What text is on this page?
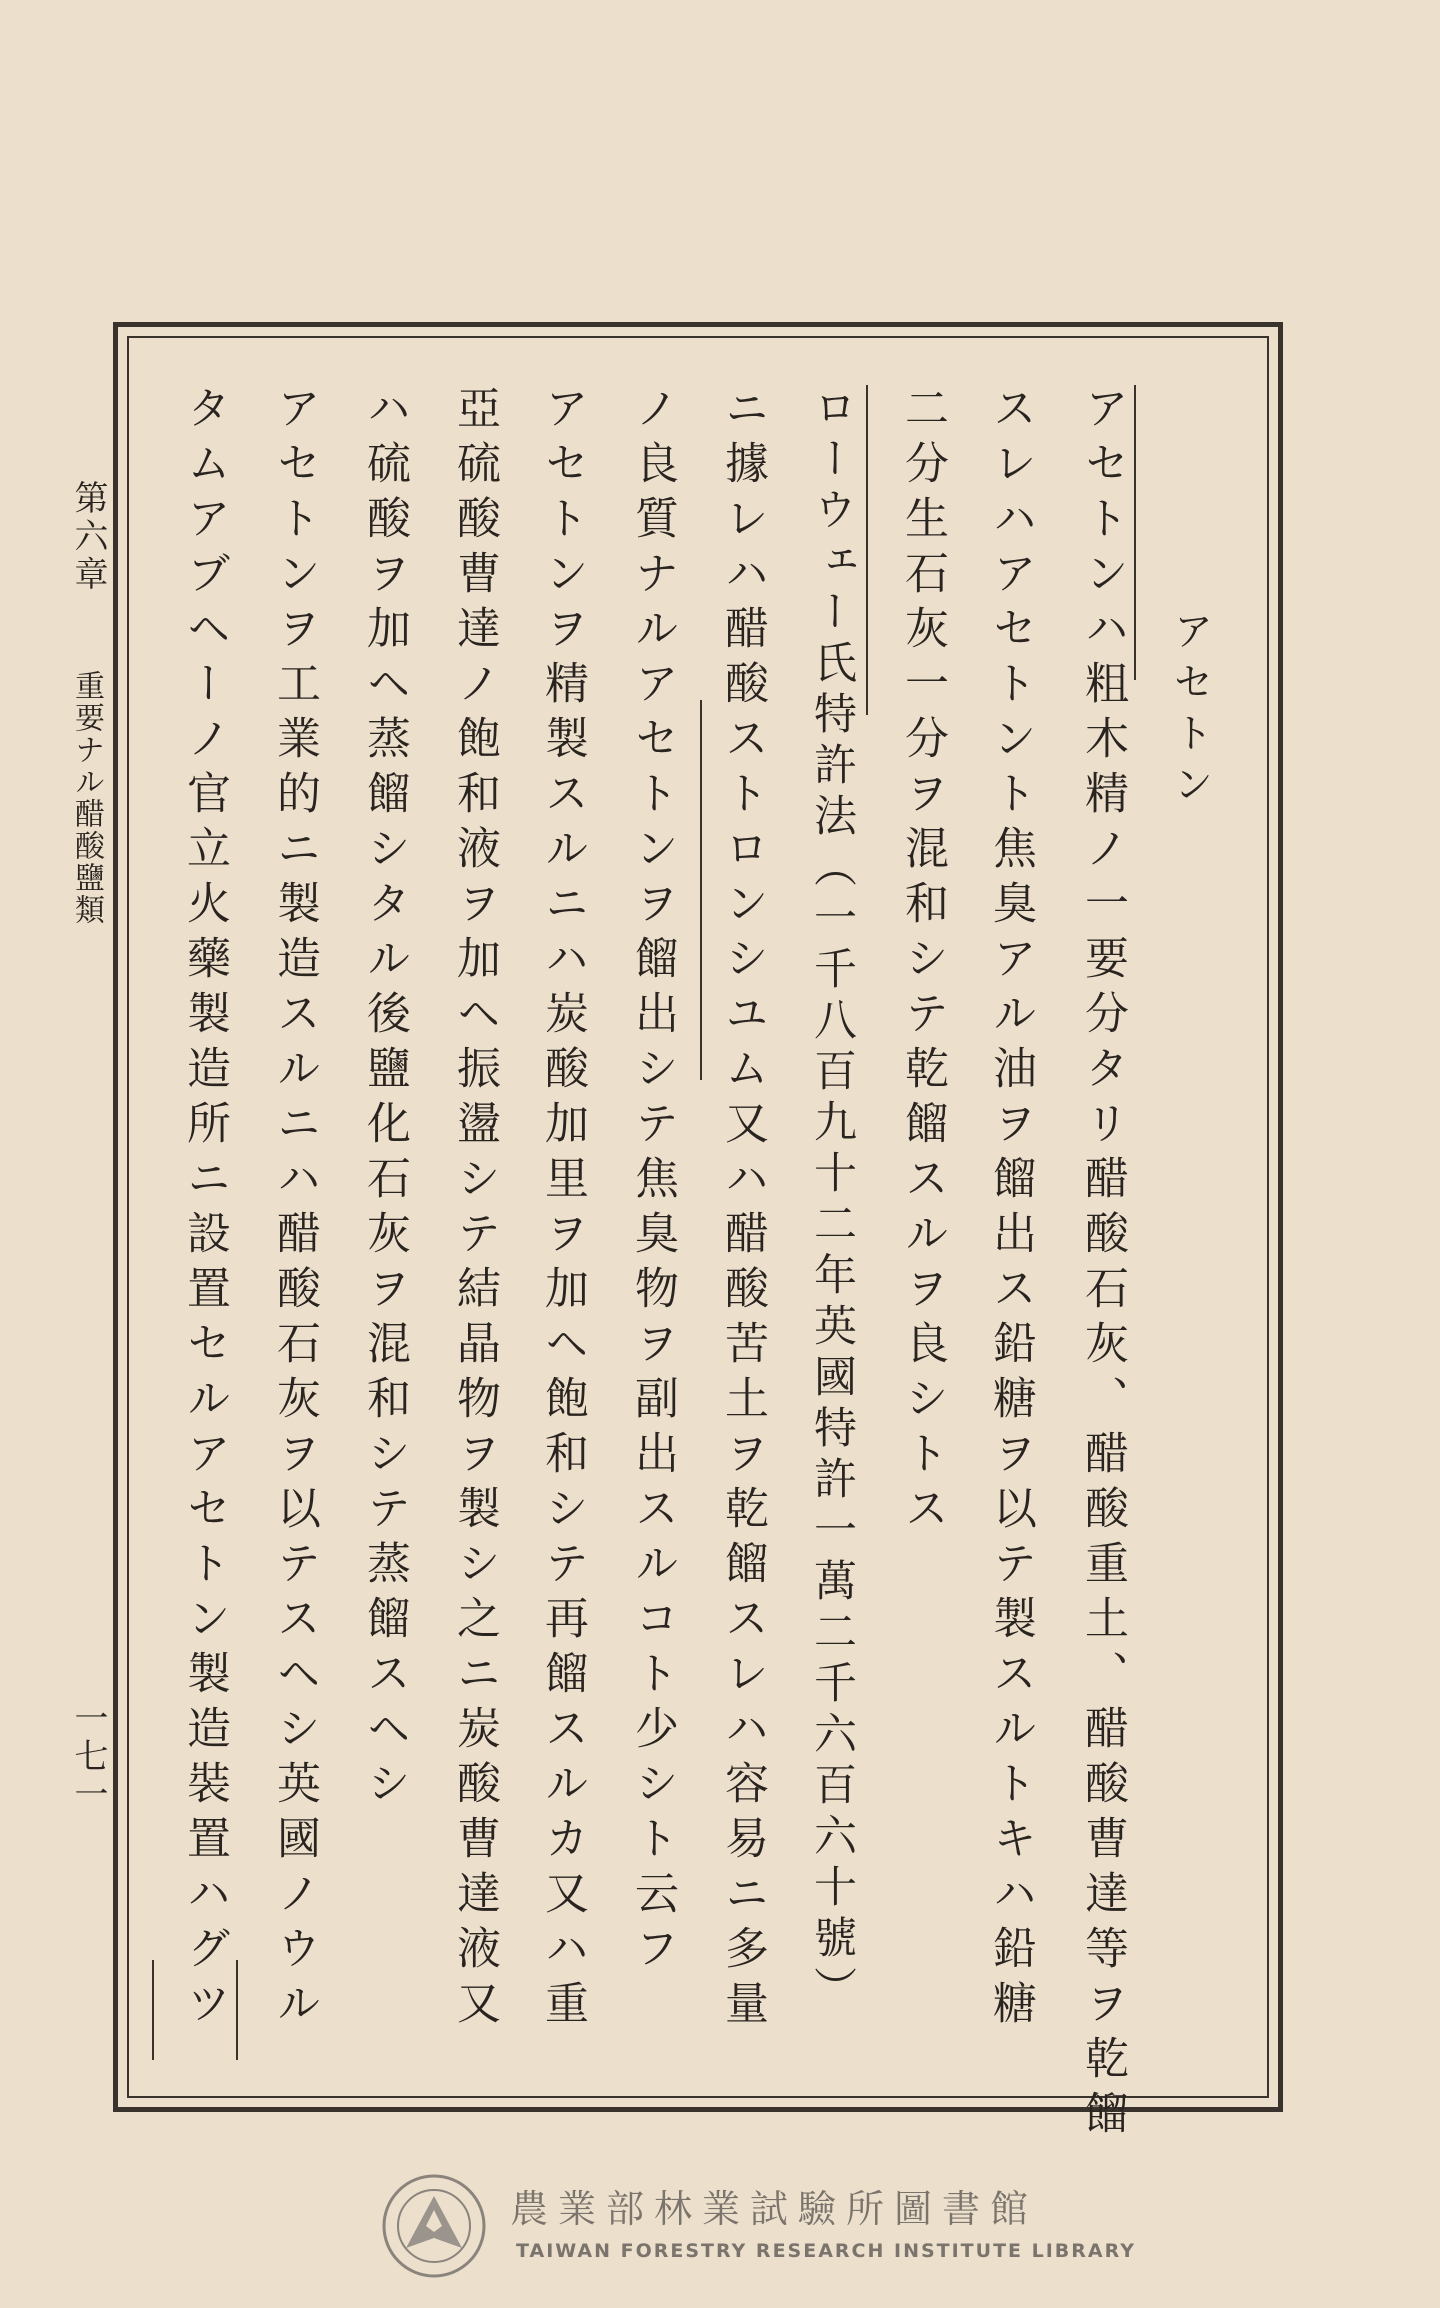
第六章
重要ナル醋酸鹽類
一七一
アセトン
アセトンハ粗木精ノ一要分タリ醋酸石灰、醋酸重土、醋酸曹達等ヲ乾餾
スレハアセトント焦臭アル油ヲ餾出ス鉛糖ヲ以テ製スルトキハ鉛糖
二分生石灰一分ヲ混和シテ乾餾スルヲ良シトス
ローウェー氏特許法（一千八百九十二年英國特許一萬二千六百六十號）
ニ據レハ醋酸ストロンシユム又ハ醋酸苦土ヲ乾餾スレハ容易ニ多量
ノ良質ナルアセトンヲ餾出シテ焦臭物ヲ副出スルコト少シト云フ
アセトンヲ精製スルニハ炭酸加里ヲ加ヘ飽和シテ再餾スルカ又ハ重
亞硫酸曹達ノ飽和液ヲ加ヘ振盪シテ結晶物ヲ製シ之ニ炭酸曹達液又
ハ硫酸ヲ加ヘ蒸餾シタル後鹽化石灰ヲ混和シテ蒸餾スヘシ
アセトンヲ工業的ニ製造スルニハ醋酸石灰ヲ以テスヘシ英國ノウル
タムアブヘーノ官立火藥製造所ニ設置セルアセトン製造裝置ハグツ
農業部林業試驗所圖書館
TAIWAN FORESTRY RESEARCH INSTITUTE LIBRARY
